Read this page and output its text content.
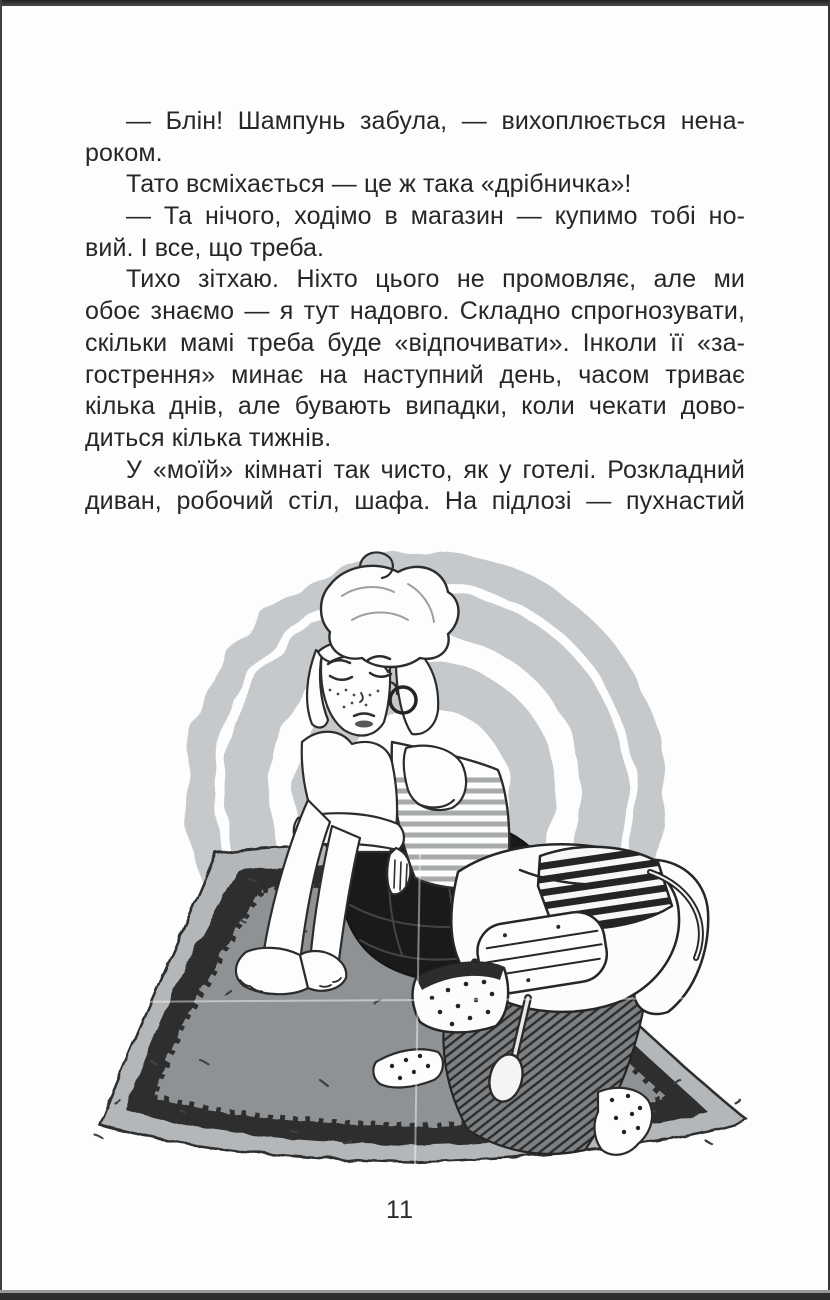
— Блін! Шампунь забула, — вихоплюється нена-
роком.
Тато всміхається — це ж така «дрібничка»!
— Та нічого, ходімо в магазин — купимо тобі но-
вий. І все, що треба.
Тихо зітхаю. Ніхто цього не промовляє, але ми
обоє знаємо — я тут надовго. Складно спрогнозувати,
скільки мамі треба буде «відпочивати». Інколи її «за-
гострення» минає на наступний день, часом триває
кілька днів, але бувають випадки, коли чекати дово-
диться кілька тижнів.
У «моїй» кімнаті так чисто, як у готелі. Розкладний
диван, робочий стіл, шафа. На підлозі — пухнастий
11
